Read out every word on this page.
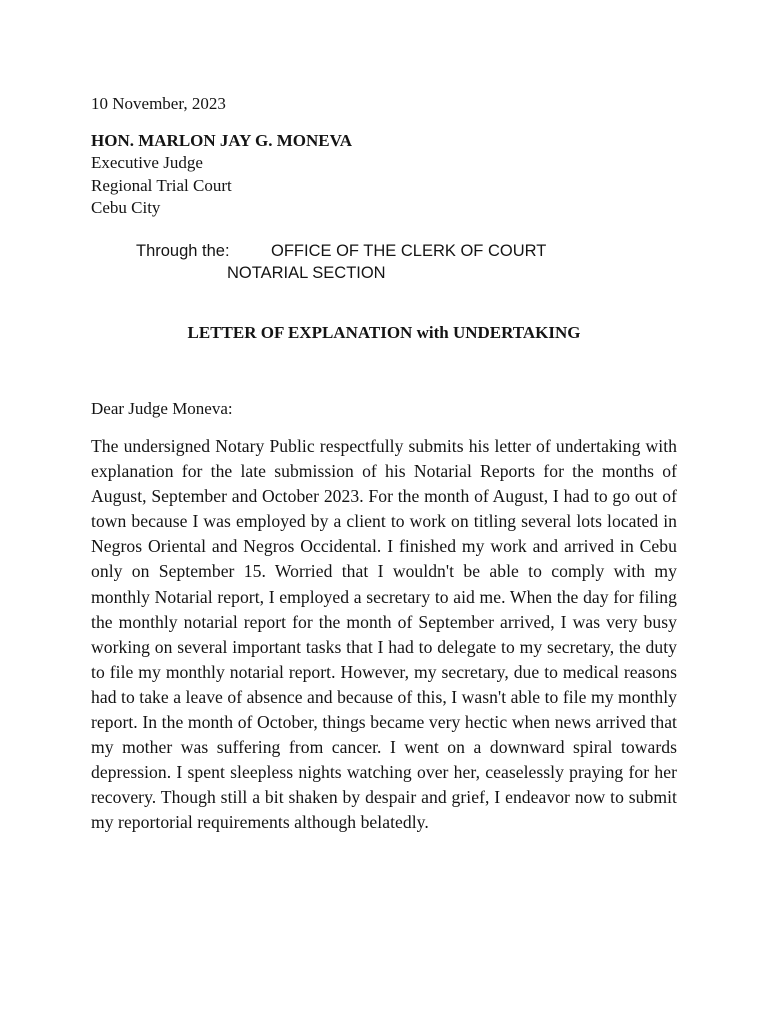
10 November, 2023
HON. MARLON JAY G. MONEVA
Executive Judge
Regional Trial Court
Cebu City
Through the:	OFFICE OF THE CLERK OF COURT
NOTARIAL SECTION
LETTER OF EXPLANATION with UNDERTAKING
Dear Judge Moneva:

The undersigned Notary Public respectfully submits his letter of undertaking with explanation for the late submission of his Notarial Reports for the months of August, September and October 2023. For the month of August, I had to go out of town because I was employed by a client to work on titling several lots located in Negros Oriental and Negros Occidental. I finished my work and arrived in Cebu only on September 15. Worried that I wouldn't be able to comply with my monthly Notarial report, I employed a secretary to aid me. When the day for filing the monthly notarial report for the month of September arrived, I was very busy working on several important tasks that I had to delegate to my secretary, the duty to file my monthly notarial report. However, my secretary, due to medical reasons had to take a leave of absence and because of this, I wasn't able to file my monthly report. In the month of October, things became very hectic when news arrived that my mother was suffering from cancer. I went on a downward spiral towards depression. I spent sleepless nights watching over her, ceaselessly praying for her recovery. Though still a bit shaken by despair and grief, I endeavor now to submit my reportorial requirements although belatedly.
